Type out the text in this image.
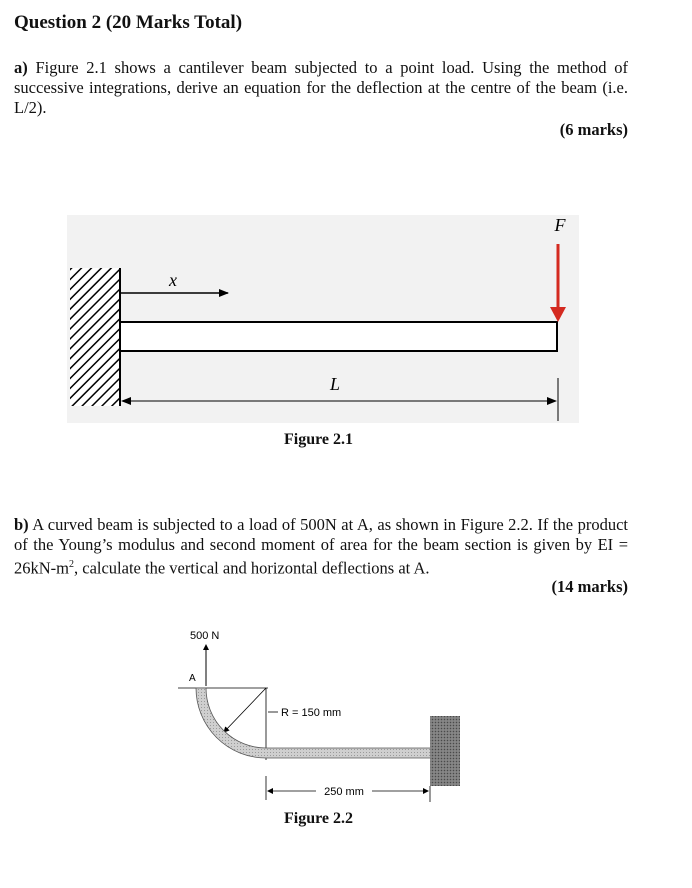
Question 2 (20 Marks Total)
a) Figure 2.1 shows a cantilever beam subjected to a point load. Using the method of successive integrations, derive an equation for the deflection at the centre of the beam (i.e. L/2).
(6 marks)
x
F
L
Figure 2.1
b) A curved beam is subjected to a load of 500N at A, as shown in Figure 2.2. If the product of the Young’s modulus and second moment of area for the beam section is given by EI = $26kN-m^2$, calculate the vertical and horizontal deflections at A.
(14 marks)
500 N
A
R = 150 mm
250 mm
Figure 2.2
